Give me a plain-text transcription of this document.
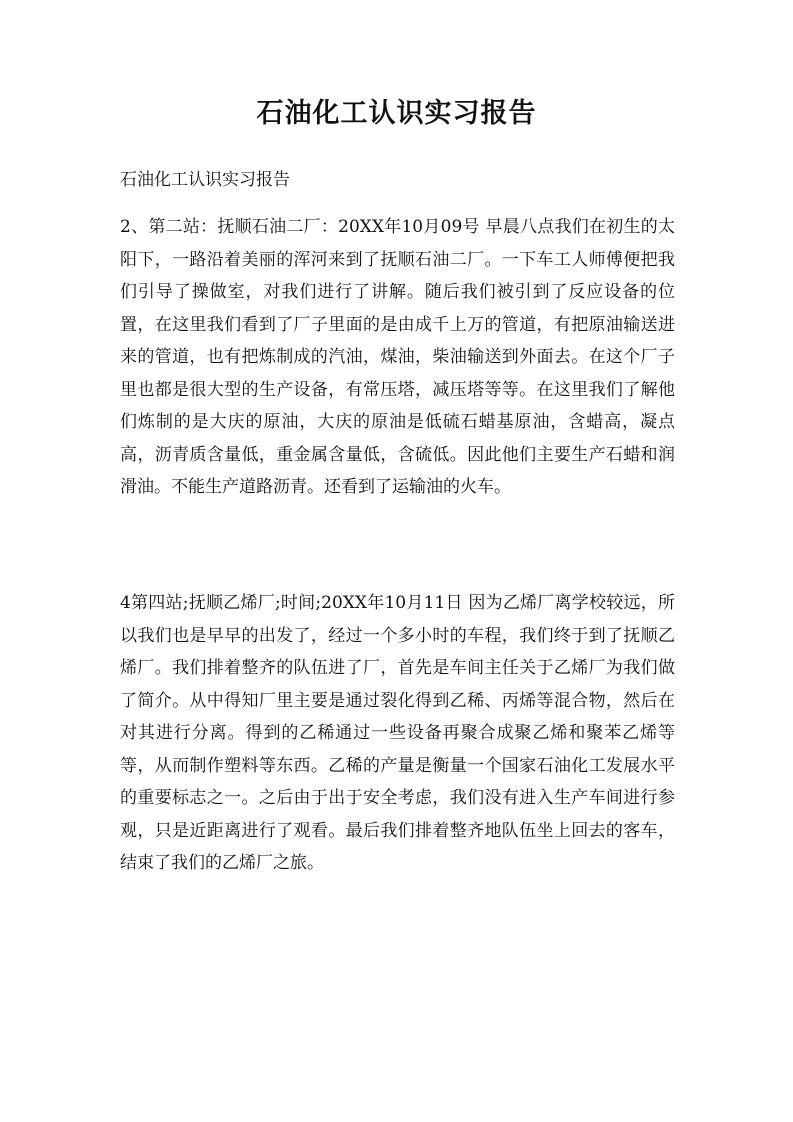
石油化工认识实习报告

石油化工认识实习报告

2、第二站：抚顺石油二厂：20XX年10月09号 早晨八点我们在初生的太阳下，一路沿着美丽的浑河来到了抚顺石油二厂。一下车工人师傅便把我们引导了操做室，对我们进行了讲解。随后我们被引到了反应设备的位置，在这里我们看到了厂子里面的是由成千上万的管道，有把原油输送进来的管道，也有把炼制成的汽油，煤油，柴油输送到外面去。在这个厂子里也都是很大型的生产设备，有常压塔，减压塔等等。在这里我们了解他们炼制的是大庆的原油，大庆的原油是低硫石蜡基原油，含蜡高，凝点高，沥青质含量低，重金属含量低，含硫低。因此他们主要生产石蜡和润滑油。不能生产道路沥青。还看到了运输油的火车。

4第四站;抚顺乙烯厂;时间;20XX年10月11日 因为乙烯厂离学校较远，所以我们也是早早的出发了，经过一个多小时的车程，我们终于到了抚顺乙烯厂。我们排着整齐的队伍进了厂，首先是车间主任关于乙烯厂为我们做了简介。从中得知厂里主要是通过裂化得到乙稀、丙烯等混合物，然后在对其进行分离。得到的乙稀通过一些设备再聚合成聚乙烯和聚苯乙烯等等，从而制作塑料等东西。乙稀的产量是衡量一个国家石油化工发展水平的重要标志之一。之后由于出于安全考虑，我们没有进入生产车间进行参观，只是近距离进行了观看。最后我们排着整齐地队伍坐上回去的客车，结束了我们的乙烯厂之旅。
